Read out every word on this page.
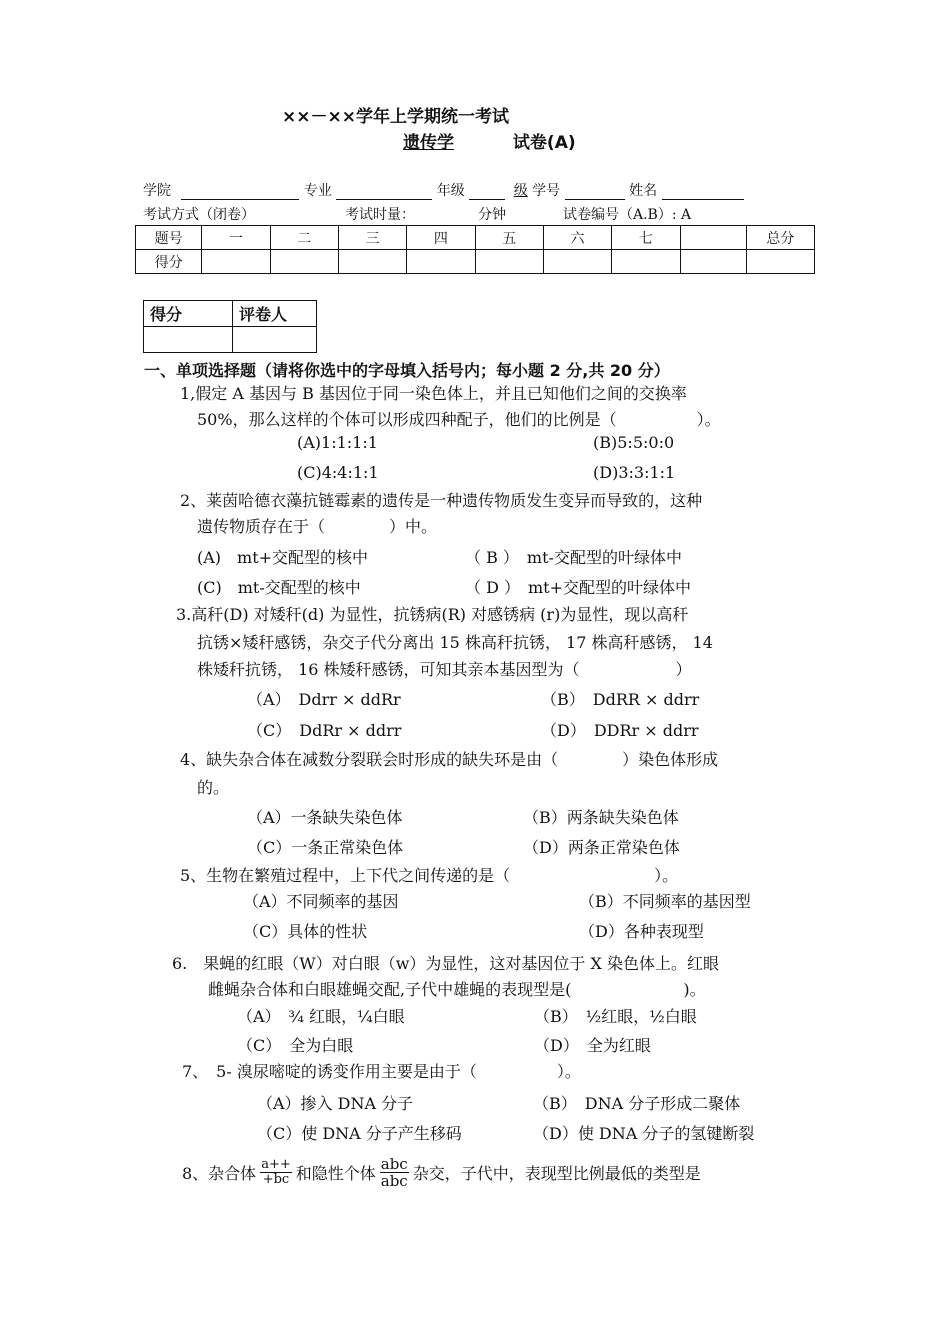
××－××学年上学期统一考试
遗传学	试卷(A)
学院	专业	年级	级 学号	姓名
考试方式（闭卷）	考试时量：	分钟	试卷编号（A.B）: A
题号	一	二	三	四	五	六	七		总分
得分									
得分	评卷人

一、单项选择题（请将你选中的字母填入括号内；每小题 2 分,共 20 分）
1,假定 A 基因与 B 基因位于同一染色体上，并且已知他们之间的交换率
50%，那么这样的个体可以形成四种配子，他们的比例是（　　　　　）。
(A)1:1:1:1	(B)5:5:0:0
(C)4:4:1:1	(D)3:3:1:1
2、莱茵哈德衣藻抗链霉素的遗传是一种遗传物质发生变异而导致的，这种
遗传物质存在于（　　　　）中。
(A)　mt+交配型的核中	（ B ）　mt-交配型的叶绿体中
(C)　mt-交配型的核中	（ D ）　mt+交配型的叶绿体中
3.高秆(D) 对矮秆(d) 为显性，抗锈病(R) 对感锈病 (r)为显性，现以高秆
抗锈×矮秆感锈，杂交子代分离出 15 株高秆抗锈， 17 株高秆感锈， 14
株矮秆抗锈， 16 株矮秆感锈，可知其亲本基因型为（　　　　　　）
（A）　Ddrr × ddRr	（B）　DdRR × ddrr
（C）　DdRr × ddrr	（D）　DDRr × ddrr
4、缺失杂合体在减数分裂联会时形成的缺失环是由（　　　　）染色体形成
的。
（A）一条缺失染色体	（B）两条缺失染色体
（C）一条正常染色体	（D）两条正常染色体
5、生物在繁殖过程中，上下代之间传递的是（　　　　　　　　　）。
（A）不同频率的基因	（B）不同频率的基因型
（C）具体的性状	（D）各种表现型
6.　果蝇的红眼（W）对白眼（w）为显性，这对基因位于 X 染色体上。红眼
雌蝇杂合体和白眼雄蝇交配,子代中雄蝇的表现型是(　　　　　　　)。
（A）　¾ 红眼，¼白眼	（B）　½红眼，½白眼
（C）　全为白眼	（D）　全为红眼
7、　5- 溴尿嘧啶的诱变作用主要是由于（　　　　　）。
（A）掺入 DNA 分子	（B）　DNA 分子形成二聚体
（C）使 DNA 分子产生移码	（D）使 DNA 分子的氢键断裂
8、杂合体 $\frac{a++}{+bc}$ 和隐性个体 $\frac{\text{abc}}{\text{abc}}$ 杂交，子代中，表现型比例最低的类型是
